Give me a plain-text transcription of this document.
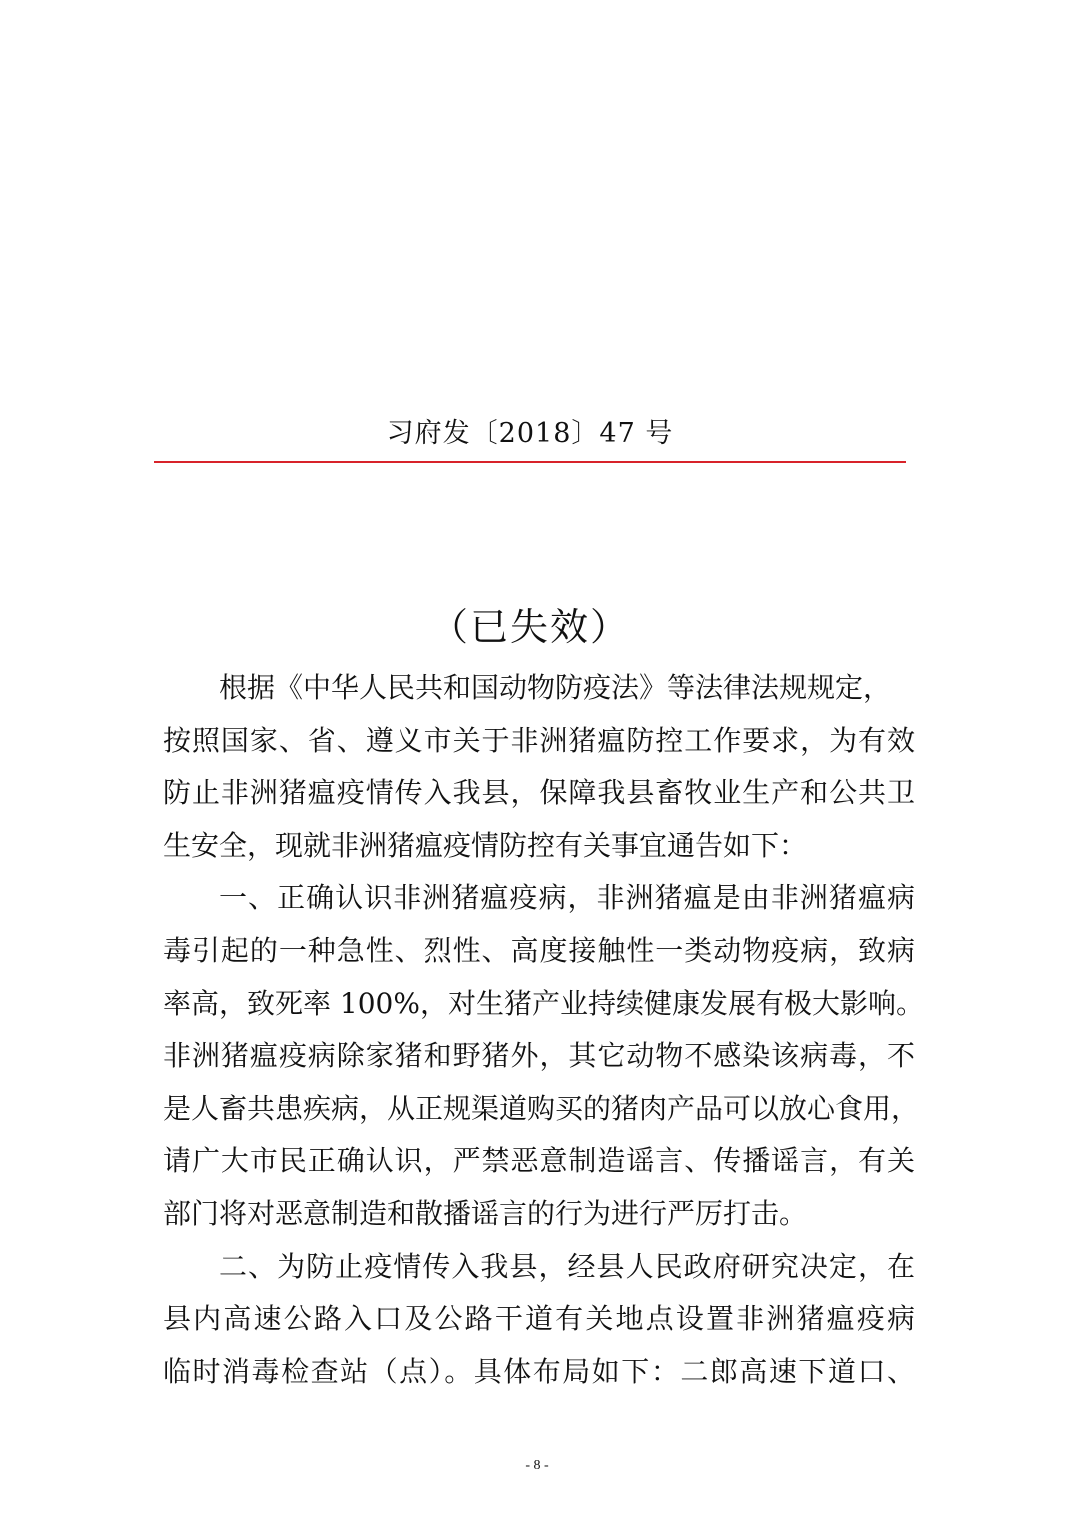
习府发〔2018〕47 号
（已失效）
根据《中华人民共和国动物防疫法》等法律法规规定，
按照国家、省、遵义市关于非洲猪瘟防控工作要求，为有效
防止非洲猪瘟疫情传入我县，保障我县畜牧业生产和公共卫
生安全，现就非洲猪瘟疫情防控有关事宜通告如下：
一、正确认识非洲猪瘟疫病，非洲猪瘟是由非洲猪瘟病
毒引起的一种急性、烈性、高度接触性一类动物疫病，致病
率高，致死率 100%，对生猪产业持续健康发展有极大影响。
非洲猪瘟疫病除家猪和野猪外，其它动物不感染该病毒，不
是人畜共患疾病，从正规渠道购买的猪肉产品可以放心食用，
请广大市民正确认识，严禁恶意制造谣言、传播谣言，有关
部门将对恶意制造和散播谣言的行为进行严厉打击。
二、为防止疫情传入我县，经县人民政府研究决定，在
县内高速公路入口及公路干道有关地点设置非洲猪瘟疫病
临时消毒检查站（点）。具体布局如下：二郎高速下道口、
- 8 -
